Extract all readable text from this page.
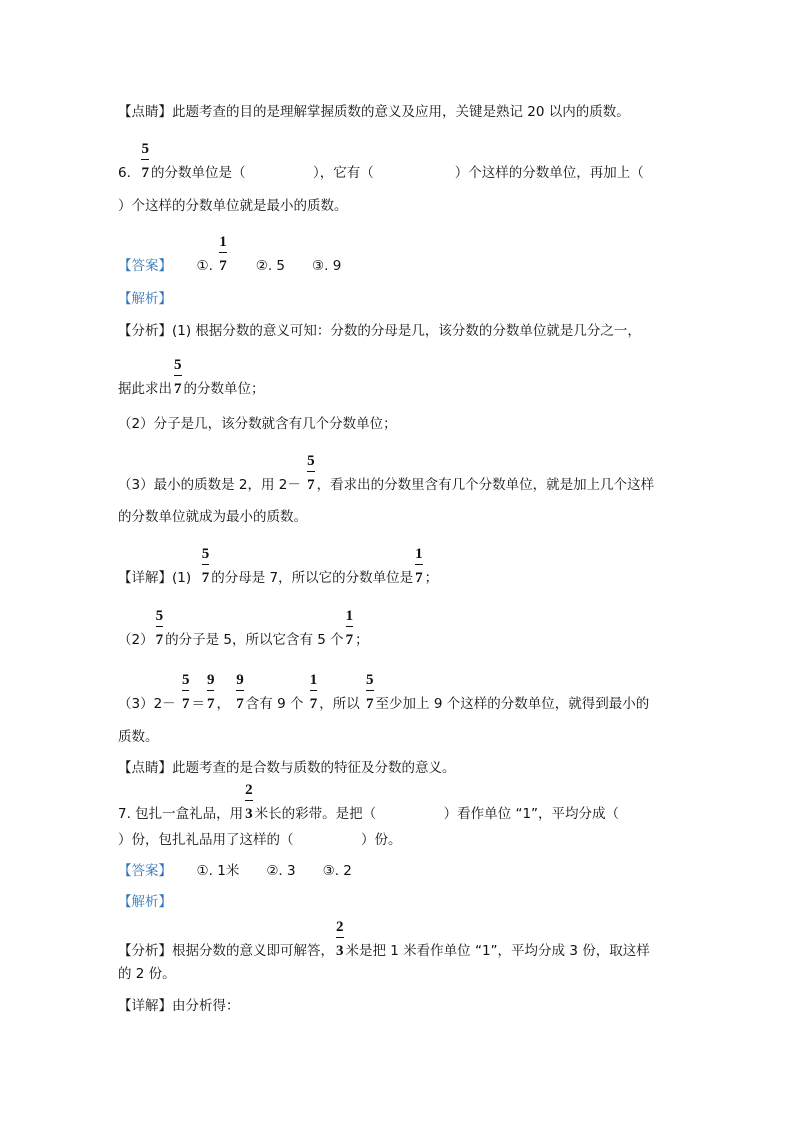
【点睛】此题考查的目的是理解掌握质数的意义及应用，关键是熟记 20 以内的质数。
6. $\frac{5}{7}$ 的分数单位是（　　　　　），它有（　　　　　　）个这样的分数单位，再加上（
）个这样的分数单位就是最小的质数。
【答案】　　 ①. $\frac{1}{7}$　　②. 5　　③. 9
【解析】
【分析】(1) 根据分数的意义可知：分数的分母是几，该分数的分数单位就是几分之一，
据此求出 $\frac{5}{7}$ 的分数单位；
（2）分子是几，该分数就含有几个分数单位；
（3）最小的质数是 2，用 $2- \frac{5}{7}$ ，看求出的分数里含有几个分数单位，就是加上几个这样
的分数单位就成为最小的质数。
【详解】$(1) \frac{5}{7}$ 的分母是 7，所以它的分数单位是 $\frac{1}{7}$ ；
$(2) \frac{5}{7}$ 的分子是 5，所以它含有 5 个 $\frac{1}{7}$ ；
$(3)2- \frac{5}{7} = \frac{9}{7}$ ， $\frac{9}{7}$ 含有 9 个 $\frac{1}{7}$ ，所以 $\frac{5}{7}$ 至少加上 9 个这样的分数单位，就得到最小的
质数。
【点睛】此题考查的是合数与质数的特征及分数的意义。
7. 包扎一盒礼品，用 $\frac{2}{3}$ 米长的彩带。是把（　　　　　）看作单位 “1”，平均分成（
）份，包扎礼品用了这样的（　　　　　）份。
【答案】　　 ①. 1米　　②. 3　　③. 2
【解析】
【分析】根据分数的意义即可解答， $\frac{2}{3}$ 米是把 1 米看作单位 “1”，平均分成 3 份，取这样
的 2 份。
【详解】由分析得：
